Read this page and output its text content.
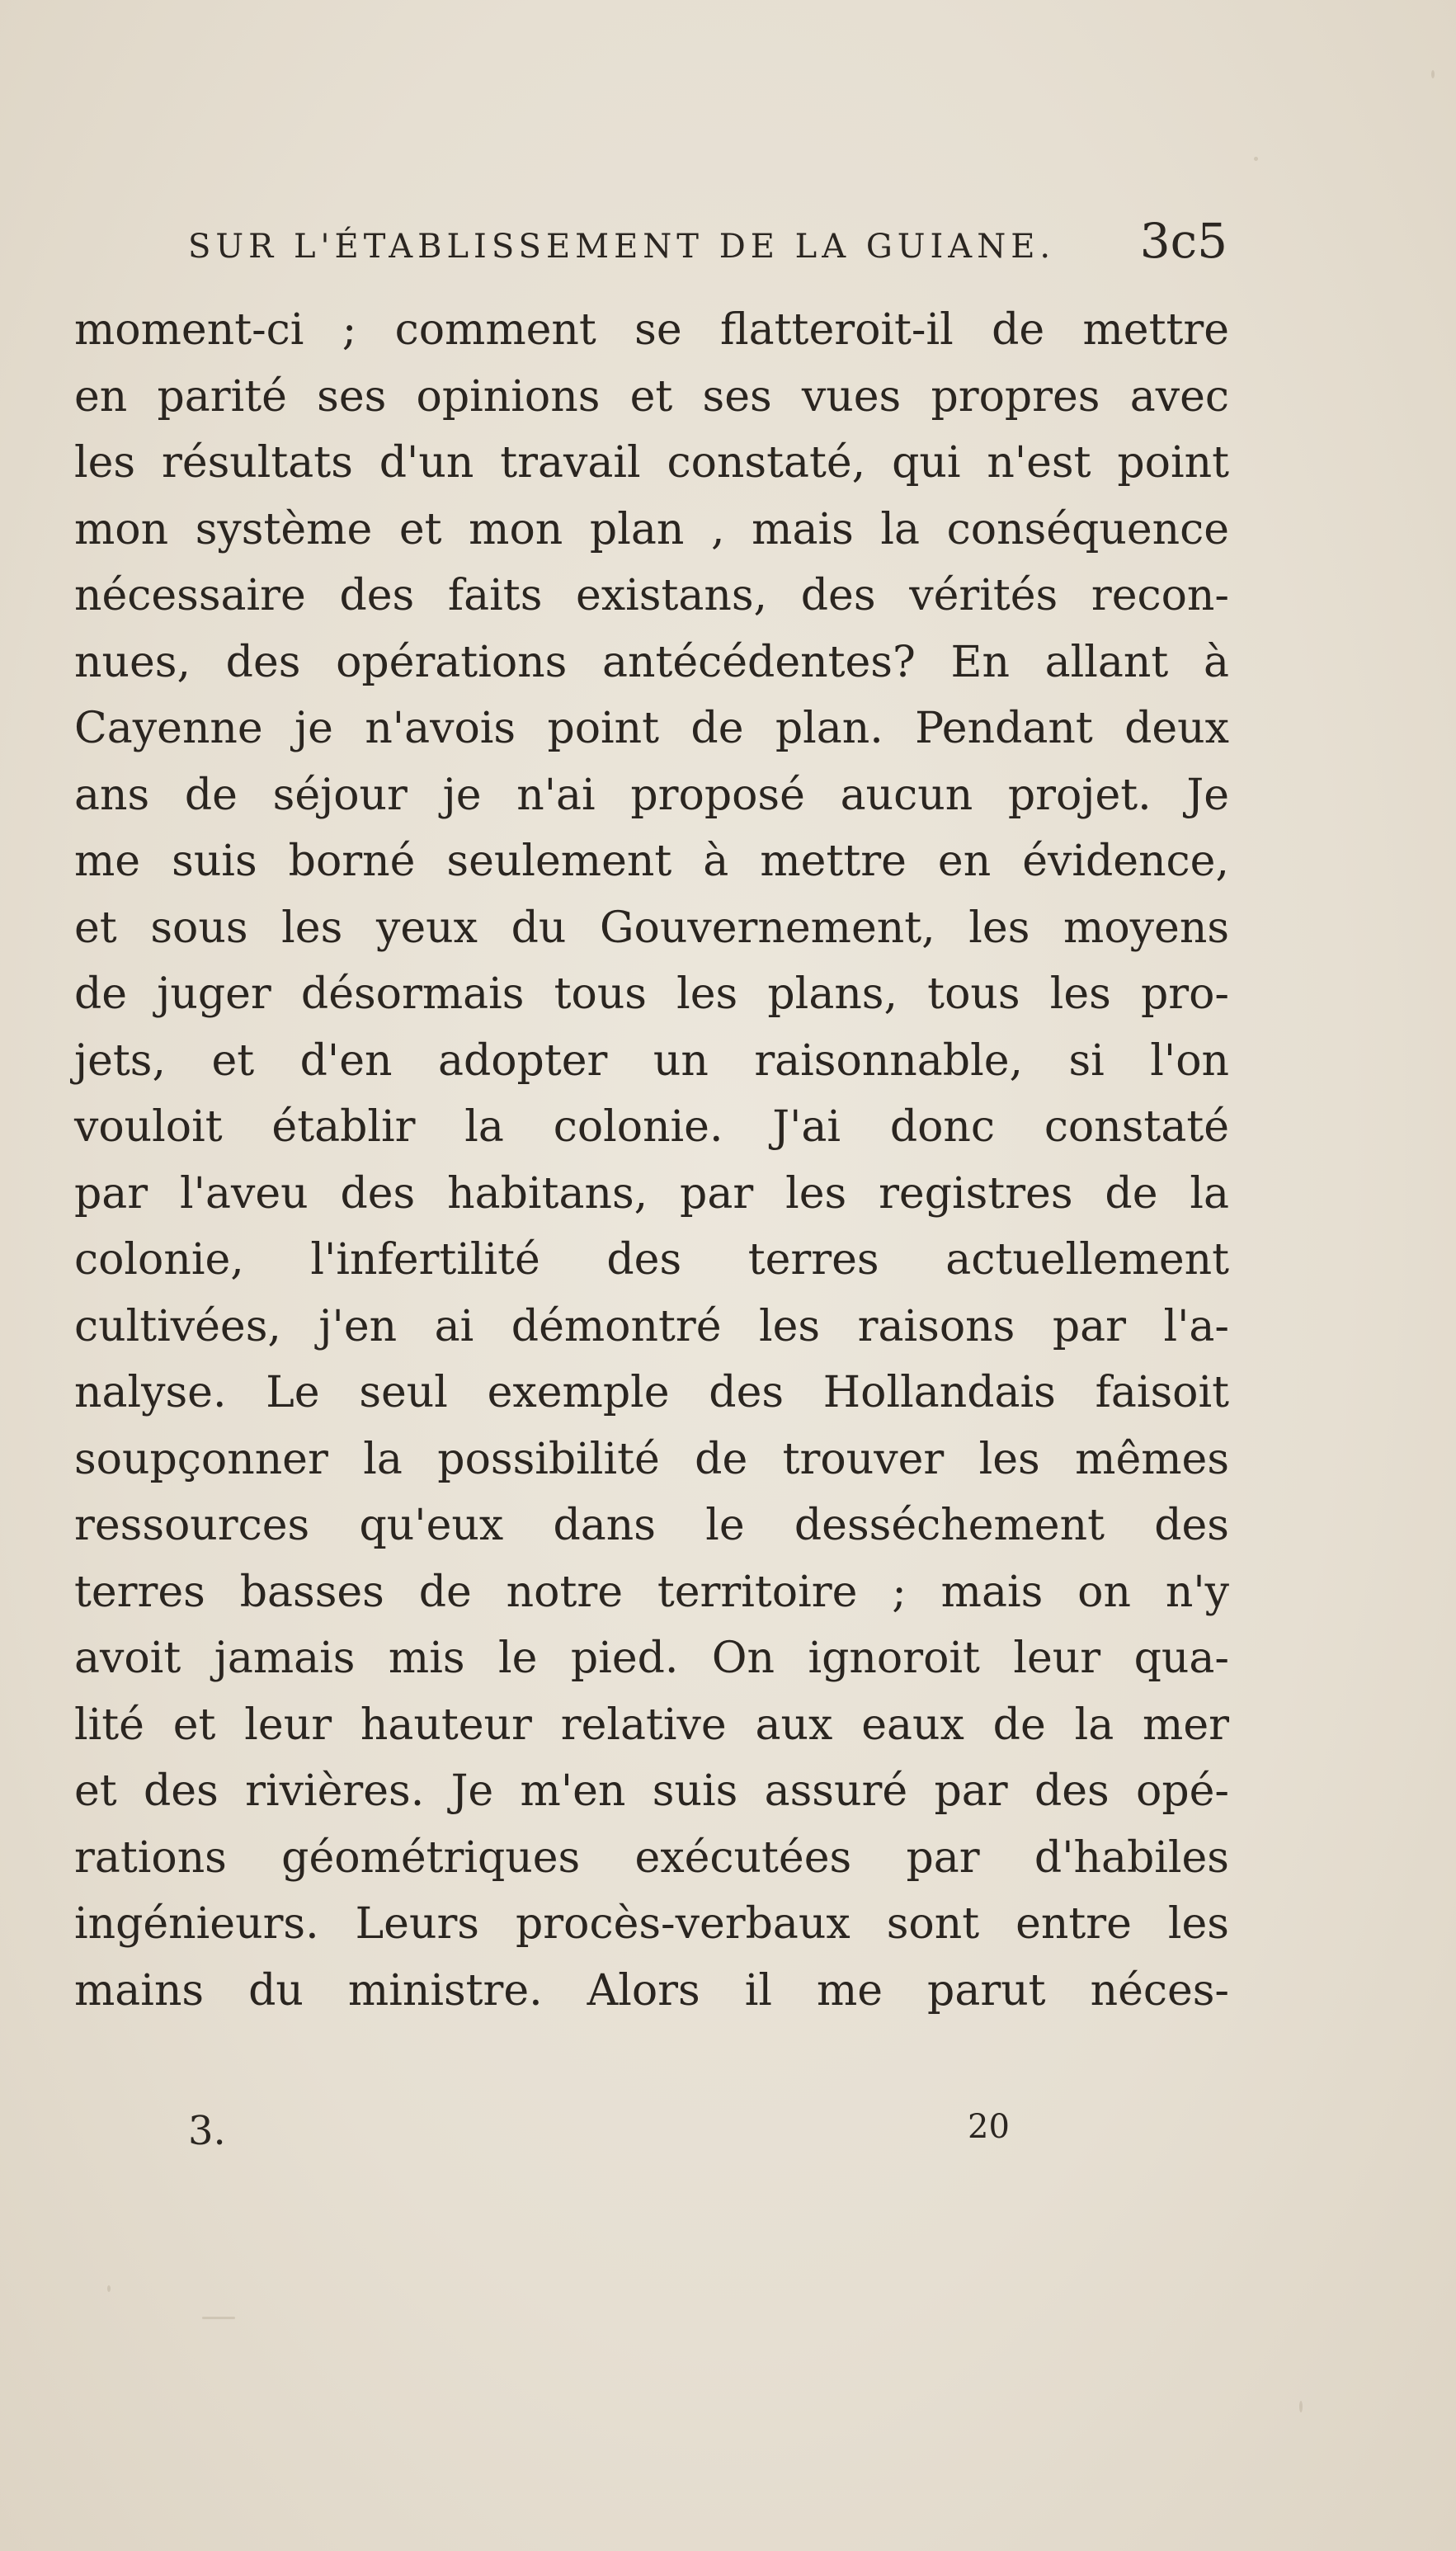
SUR L'ÉTABLISSEMENT DE LA GUIANE. 3c5
moment-ci ; comment se flatteroit-il de mettre
en parité ses opinions et ses vues propres avec
les résultats d'un travail constaté, qui n'est point
mon système et mon plan , mais la conséquence
nécessaire des faits existans, des vérités recon-
nues, des opérations antécédentes? En allant à
Cayenne je n'avois point de plan. Pendant deux
ans de séjour je n'ai proposé aucun projet. Je
me suis borné seulement à mettre en évidence,
et sous les yeux du Gouvernement, les moyens
de juger désormais tous les plans, tous les pro-
jets, et d'en adopter un raisonnable, si l'on
vouloit établir la colonie. J'ai donc constaté
par l'aveu des habitans, par les registres de la
colonie, l'infertilité des terres actuellement
cultivées, j'en ai démontré les raisons par l'a-
nalyse. Le seul exemple des Hollandais faisoit
soupçonner la possibilité de trouver les mêmes
ressources qu'eux dans le desséchement des
terres basses de notre territoire ; mais on n'y
avoit jamais mis le pied. On ignoroit leur qua-
lité et leur hauteur relative aux eaux de la mer
et des rivières. Je m'en suis assuré par des opé-
rations géométriques exécutées par d'habiles
ingénieurs. Leurs procès-verbaux sont entre les
mains du ministre. Alors il me parut néces-
3.	20
